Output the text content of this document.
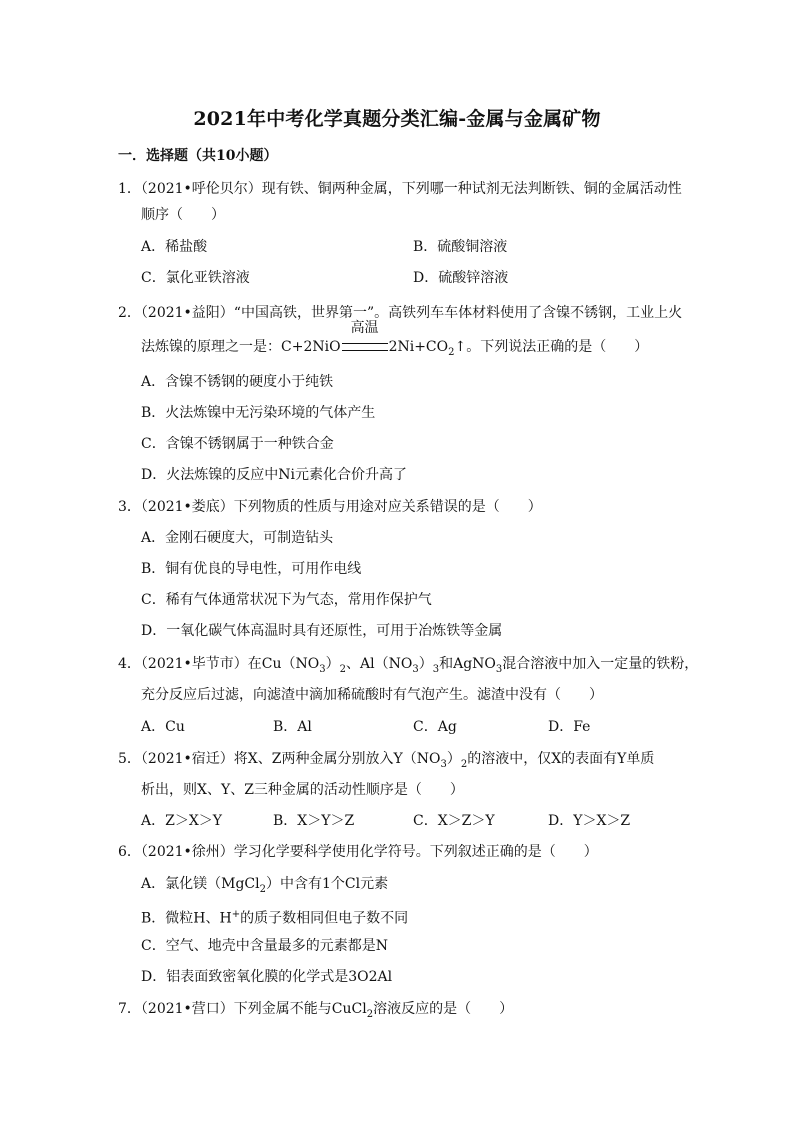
2021年中考化学真题分类汇编-金属与金属矿物
一．选择题（共10小题）
1．（2021•呼伦贝尔）现有铁、铜两种金属，下列哪一种试剂无法判断铁、铜的金属活动性
顺序（　　）
A．稀盐酸	B．硫酸铜溶液
C．氯化亚铁溶液	D．硫酸锌溶液
2．（2021•益阳）“中国高铁，世界第一”。高铁列车车体材料使用了含镍不锈钢，工业上火
法炼镍的原理之一是：C+2NiO
高温
$2Ni+CO_2↑$。下列说法正确的是（　　）
A．含镍不锈钢的硬度小于纯铁
B．火法炼镍中无污染环境的气体产生
C．含镍不锈钢属于一种铁合金
D．火法炼镍的反应中Ni元素化合价升高了
3．（2021•娄底）下列物质的性质与用途对应关系错误的是（　　）
A．金刚石硬度大，可制造钻头
B．铜有优良的导电性，可用作电线
C．稀有气体通常状况下为气态，常用作保护气
D．一氧化碳气体高温时具有还原性，可用于冶炼铁等金属
4．（2021•毕节市）在$Cu(NO_3)_2$、$Al(NO_3)_3$和AgNO$_3$混合溶液中加入一定量的铁粉，
充分反应后过滤，向滤渣中滴加稀硫酸时有气泡产生。滤渣中没有（　　）
A．Cu	B．Al	C．Ag	D．Fe
5．（2021•宿迁）将X、Z两种金属分别放入$Y(NO_3)_2$的溶液中，仅X的表面有Y单质
析出，则X、Y、Z三种金属的活动性顺序是（　　）
A．Z＞X＞Y	B．X＞Y＞Z	C．X＞Z＞Y	D．Y＞X＞Z
6．（2021•徐州）学习化学要科学使用化学符号。下列叙述正确的是（　　）
A．氯化镁（MgCl$_2$）中含有1个Cl元素
B．微粒H、H+的质子数相同但电子数不同
C．空气、地壳中含量最多的元素都是N
D．铝表面致密氧化膜的化学式是3O2Al
7．（2021•营口）下列金属不能与CuCl$_2$溶液反应的是（　　）
